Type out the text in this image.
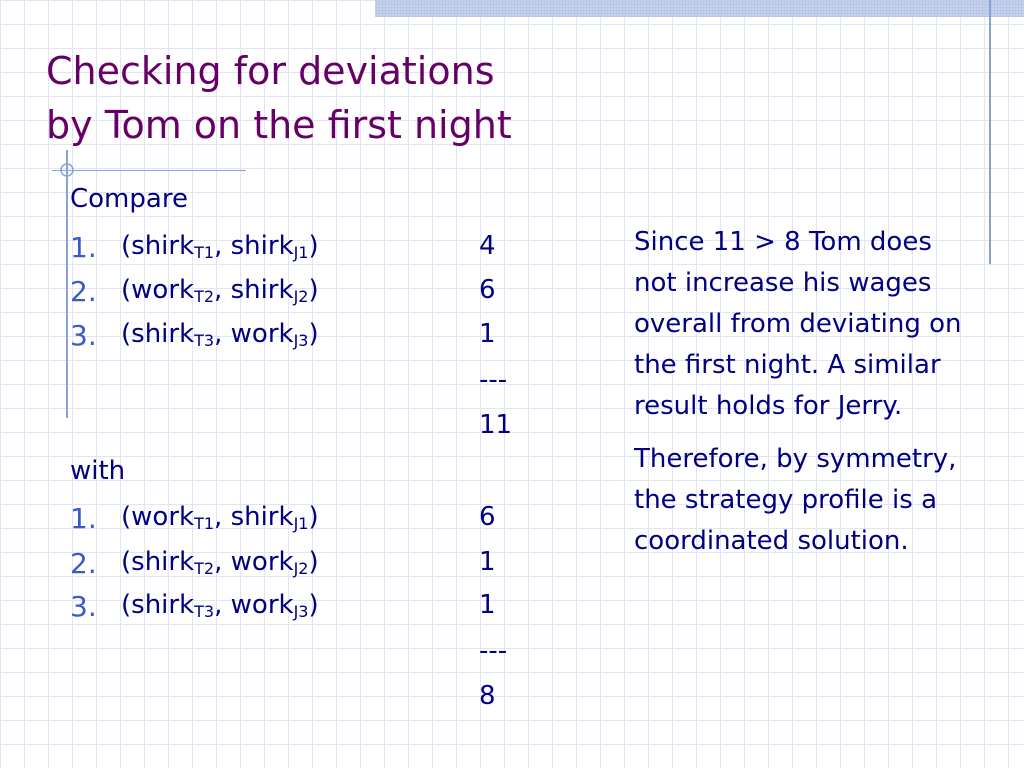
Checking for deviations
by Tom on the first night
Compare
1. (shirk$_{T1}$, shirk$_{J1}$)	4
2. (work$_{T2}$, shirk$_{J2}$)	6
3. (shirk$_{T3}$, work$_{J3}$)	1
---
11
with
1. (work$_{T1}$, shirk$_{J1}$)	6
2. (shirk$_{T2}$, work$_{J2}$)	1
3. (shirk$_{T3}$, work$_{J3}$)	1
---
8

Since 11 > 8 Tom does not increase his wages overall from deviating on the first night. A similar result holds for Jerry.

Therefore, by symmetry, the strategy profile is a coordinated solution.
